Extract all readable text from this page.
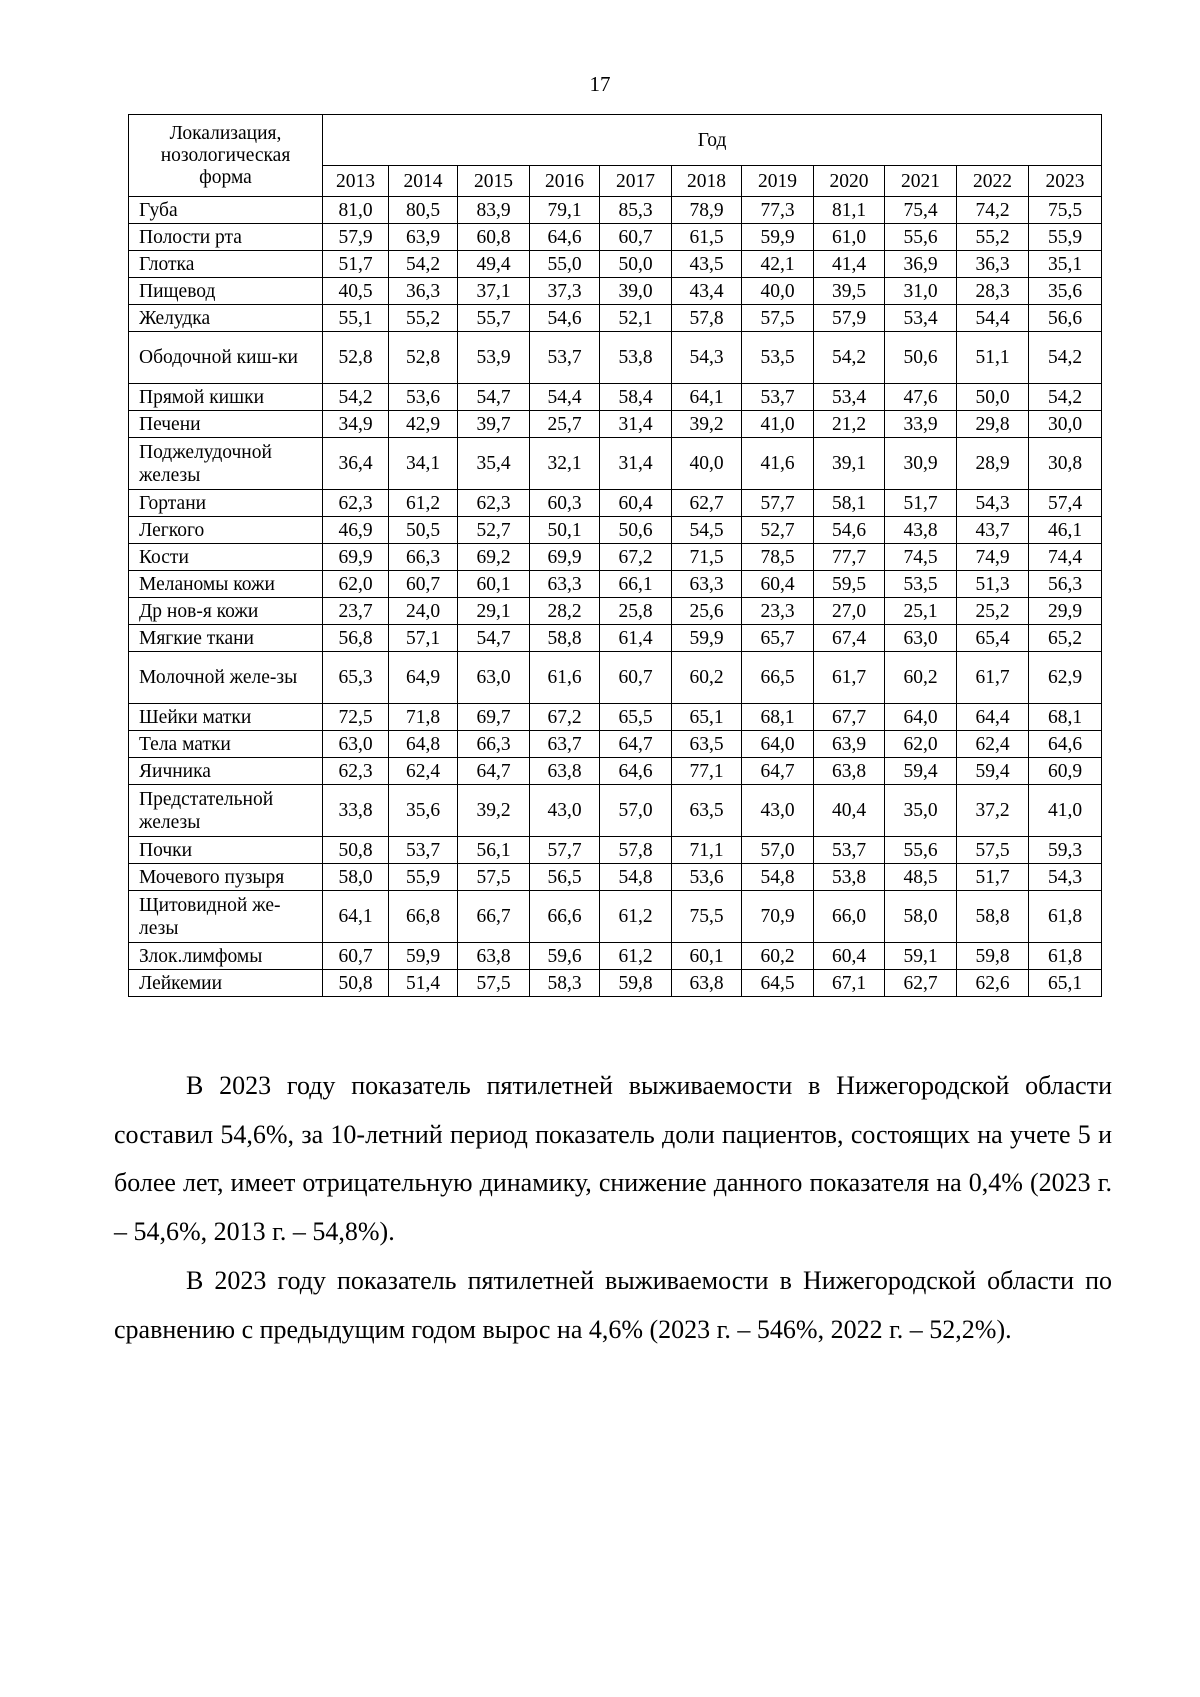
17
Локализация, нозологическая форма	Год										
	2013	2014	2015	2016	2017	2018	2019	2020	2021	2022	2023
Губа	81,0	80,5	83,9	79,1	85,3	78,9	77,3	81,1	75,4	74,2	75,5
Полости рта	57,9	63,9	60,8	64,6	60,7	61,5	59,9	61,0	55,6	55,2	55,9
Глотка	51,7	54,2	49,4	55,0	50,0	43,5	42,1	41,4	36,9	36,3	35,1
Пищевод	40,5	36,3	37,1	37,3	39,0	43,4	40,0	39,5	31,0	28,3	35,6
Желудка	55,1	55,2	55,7	54,6	52,1	57,8	57,5	57,9	53,4	54,4	56,6
Ободочной киш-ки	52,8	52,8	53,9	53,7	53,8	54,3	53,5	54,2	50,6	51,1	54,2
Прямой кишки	54,2	53,6	54,7	54,4	58,4	64,1	53,7	53,4	47,6	50,0	54,2
Печени	34,9	42,9	39,7	25,7	31,4	39,2	41,0	21,2	33,9	29,8	30,0
Поджелудочной железы	36,4	34,1	35,4	32,1	31,4	40,0	41,6	39,1	30,9	28,9	30,8
Гортани	62,3	61,2	62,3	60,3	60,4	62,7	57,7	58,1	51,7	54,3	57,4
Легкого	46,9	50,5	52,7	50,1	50,6	54,5	52,7	54,6	43,8	43,7	46,1
Кости	69,9	66,3	69,2	69,9	67,2	71,5	78,5	77,7	74,5	74,9	74,4
Меланомы кожи	62,0	60,7	60,1	63,3	66,1	63,3	60,4	59,5	53,5	51,3	56,3
Др нов-я кожи	23,7	24,0	29,1	28,2	25,8	25,6	23,3	27,0	25,1	25,2	29,9
Мягкие ткани	56,8	57,1	54,7	58,8	61,4	59,9	65,7	67,4	63,0	65,4	65,2
Молочной желе-зы	65,3	64,9	63,0	61,6	60,7	60,2	66,5	61,7	60,2	61,7	62,9
Шейки матки	72,5	71,8	69,7	67,2	65,5	65,1	68,1	67,7	64,0	64,4	68,1
Тела матки	63,0	64,8	66,3	63,7	64,7	63,5	64,0	63,9	62,0	62,4	64,6
Яичника	62,3	62,4	64,7	63,8	64,6	77,1	64,7	63,8	59,4	59,4	60,9
Предстательной железы	33,8	35,6	39,2	43,0	57,0	63,5	43,0	40,4	35,0	37,2	41,0
Почки	50,8	53,7	56,1	57,7	57,8	71,1	57,0	53,7	55,6	57,5	59,3
Мочевого пузыря	58,0	55,9	57,5	56,5	54,8	53,6	54,8	53,8	48,5	51,7	54,3
Щитовидной же-лезы	64,1	66,8	66,7	66,6	61,2	75,5	70,9	66,0	58,0	58,8	61,8
Злок.лимфомы	60,7	59,9	63,8	59,6	61,2	60,1	60,2	60,4	59,1	59,8	61,8
Лейкемии	50,8	51,4	57,5	58,3	59,8	63,8	64,5	67,1	62,7	62,6	65,1

В 2023 году показатель пятилетней выживаемости в Нижегородской области составил 54,6%, за 10-летний период показатель доли пациентов, состоящих на учете 5 и более лет, имеет отрицательную динамику, снижение данного показателя на 0,4% (2023 г. – 54,6%, 2013 г. – 54,8%).

В 2023 году показатель пятилетней выживаемости в Нижегородской области по сравнению с предыдущим годом вырос на 4,6% (2023 г. – 546%, 2022 г. – 52,2%).
